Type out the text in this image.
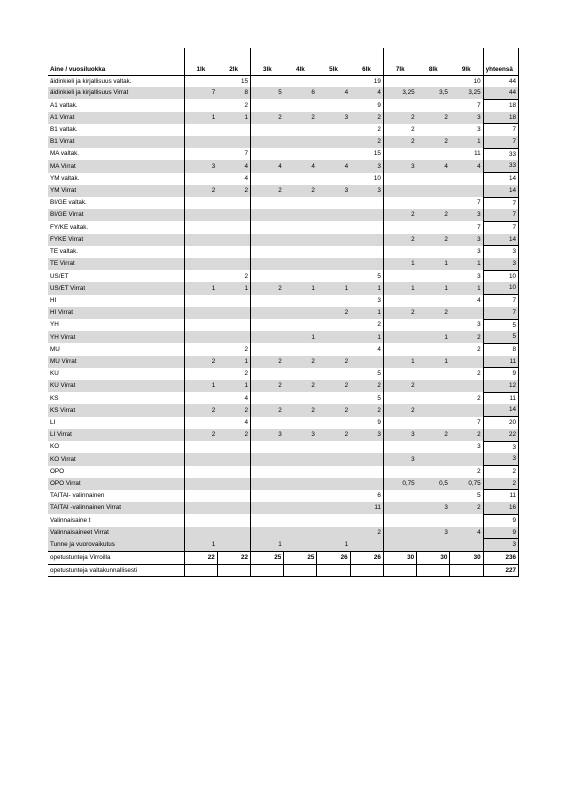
Aine / vuosiluokka	1lk	2lk	3lk	4lk	5lk	6lk	7lk	8lk	9lk	yhteensä
äidinkieli ja kirjallisuus valtak.		15				19			10	44
äidinkieli ja kirjallisuus Virrat	7	8	5	6	4	4	3,25	3,5	3,25	44
A1 valtak.		2				9			7	18
A1 Virrat	1	1	2	2	3	2	2	2	3	18
B1 valtak.						2	2		3	7
B1 Virrat						2	2	2	1	7
MA valtak.		7				15			11	33
MA Virrat	3	4	4	4	4	3	3	4	4	33
YM valtak.		4				10				14
YM Virrat	2	2	2	2	3	3				14
BI/GE valtak.									7	7
BI/GE Virrat							2	2	3	7
FY/KE valtak.									7	7
FYKE Virrat							2	2	3	14
TE valtak.									3	3
TE Virrat							1	1	1	3
US/ET		2				5			3	10
US/ET Virrat	1	1	2	1	1	1	1	1	1	10
HI						3			4	7
HI Virrat					2	1	2	2		7
YH						2			3	5
YH Virrat				1		1		1	2	5
MU		2				4			2	8
MU Virrat	2	1	2	2	2		1	1		11
KU		2				5			2	9
KU Virrat	1	1	2	2	2	2	2			12
KS		4				5			2	11
KS Virrat	2	2	2	2	2	2	2			14
LI		4				9			7	20
LI Virrat	2	2	3	3	2	3	3	2	2	22
KO									3	3
KO Virrat							3			3
OPO									2	2
OPO Virrat							0,75	0,5	0,75	2
TAITAI- valinnainen						6			5	11
TAITAI -valinnainen Virrat						11		3	2	16
Valinnaisaine t										9
Valinnaisaineet Virrat						2		3	4	9
Tunne ja vuorovaikutus	1		1		1					3
opetustunteja Virroilla	22	22	25	25	26	26	30	30	30	236
opetustunteja valtakunnallisesti										227
